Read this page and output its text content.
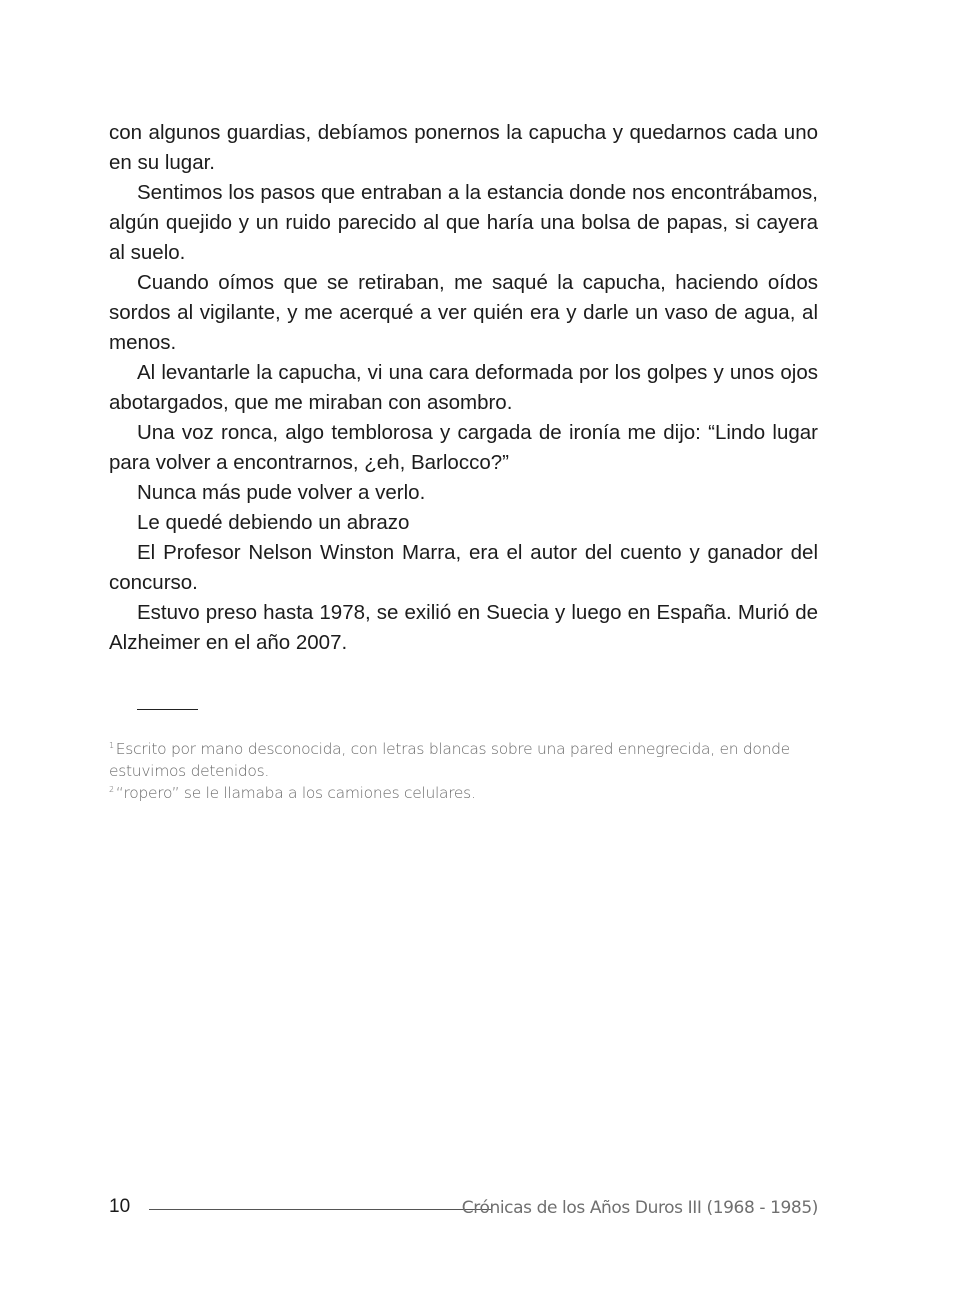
con algunos guardias, debíamos ponernos la capucha y quedarnos cada uno en su lugar.

Sentimos los pasos que entraban a la estancia donde nos encontrábamos, algún quejido y un ruido parecido al que haría una bolsa de papas, si cayera al suelo.

Cuando oímos que se retiraban, me saqué la capucha, haciendo oídos sordos al vigilante, y me acerqué a ver quién era y darle un vaso de agua, al menos.

Al levantarle la capucha, vi una cara deformada por los golpes y unos ojos abotargados, que me miraban con asombro.

Una voz ronca, algo temblorosa y cargada de ironía me dijo: “Lindo lugar para volver a encontrarnos, ¿eh, Barlocco?”

Nunca más pude volver a verlo.

Le quedé debiendo un abrazo

El Profesor Nelson Winston Marra, era el autor del cuento y ganador del concurso.

Estuvo preso hasta 1978, se exilió en Suecia y luego en España. Murió de Alzheimer en el año 2007.

$^1$ Escrito por mano desconocida, con letras blancas sobre una pared ennegrecida, en donde estuvimos detenidos.

$^2$ “ropero” se le llamaba a los camiones celulares.

10	Crónicas de los Años Duros III (1968 - 1985)
